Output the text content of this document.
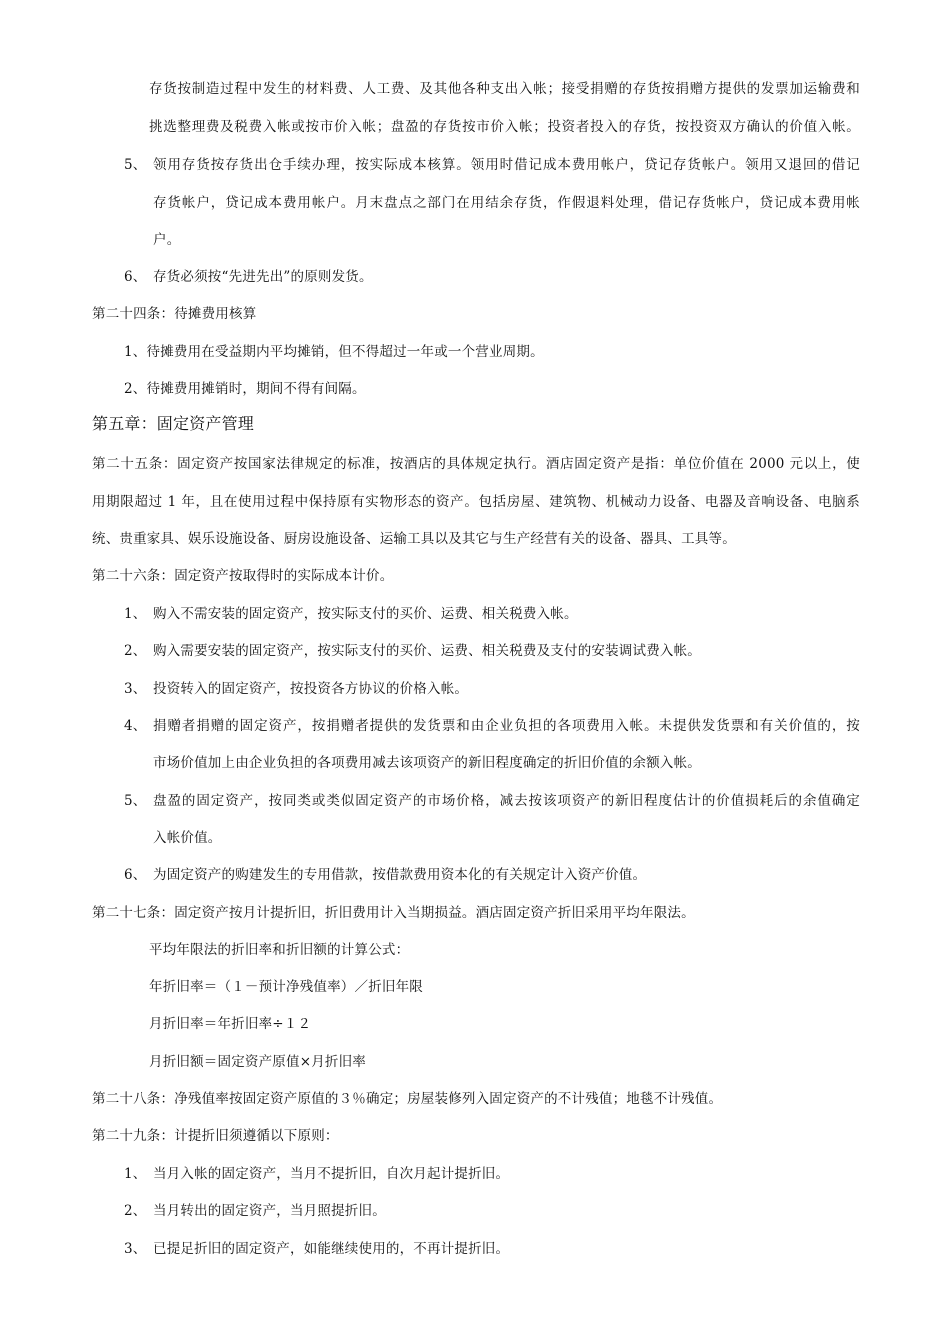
存货按制造过程中发生的材料费、人工费、及其他各种支出入帐；接受捐赠的存货按捐赠方提供的发票加运输费和
挑选整理费及税费入帐或按市价入帐；盘盈的存货按市价入帐；投资者投入的存货，按投资双方确认的价值入帐。
5、 领用存货按存货出仓手续办理，按实际成本核算。领用时借记成本费用帐户，贷记存货帐户。领用又退回的借记
存货帐户，贷记成本费用帐户。月末盘点之部门在用结余存货，作假退料处理，借记存货帐户，贷记成本费用帐
户。
6、 存货必须按“先进先出”的原则发货。
第二十四条：待摊费用核算
1、待摊费用在受益期内平均摊销，但不得超过一年或一个营业周期。
2、待摊费用摊销时，期间不得有间隔。
第五章：固定资产管理
第二十五条：固定资产按国家法律规定的标准，按酒店的具体规定执行。酒店固定资产是指：单位价值在 2000 元以上，使
用期限超过 1 年，且在使用过程中保持原有实物形态的资产。包括房屋、建筑物、机械动力设备、电器及音响设备、电脑系
统、贵重家具、娱乐设施设备、厨房设施设备、运输工具以及其它与生产经营有关的设备、器具、工具等。
第二十六条：固定资产按取得时的实际成本计价。
1、 购入不需安装的固定资产，按实际支付的买价、运费、相关税费入帐。
2、 购入需要安装的固定资产，按实际支付的买价、运费、相关税费及支付的安装调试费入帐。
3、 投资转入的固定资产，按投资各方协议的价格入帐。
4、 捐赠者捐赠的固定资产，按捐赠者提供的发货票和由企业负担的各项费用入帐。未提供发货票和有关价值的，按
市场价值加上由企业负担的各项费用减去该项资产的新旧程度确定的折旧价值的余额入帐。
5、 盘盈的固定资产，按同类或类似固定资产的市场价格，减去按该项资产的新旧程度估计的价值损耗后的余值确定
入帐价值。
6、 为固定资产的购建发生的专用借款，按借款费用资本化的有关规定计入资产价值。
第二十七条：固定资产按月计提折旧，折旧费用计入当期损益。酒店固定资产折旧采用平均年限法。
平均年限法的折旧率和折旧额的计算公式：
年折旧率＝（１－预计净残值率）／折旧年限
月折旧率＝年折旧率÷１２
月折旧额＝固定资产原值×月折旧率
第二十八条：净残值率按固定资产原值的３％确定；房屋装修列入固定资产的不计残值；地毯不计残值。
第二十九条：计提折旧须遵循以下原则：
1、 当月入帐的固定资产，当月不提折旧，自次月起计提折旧。
2、 当月转出的固定资产，当月照提折旧。
3、 已提足折旧的固定资产，如能继续使用的，不再计提折旧。
